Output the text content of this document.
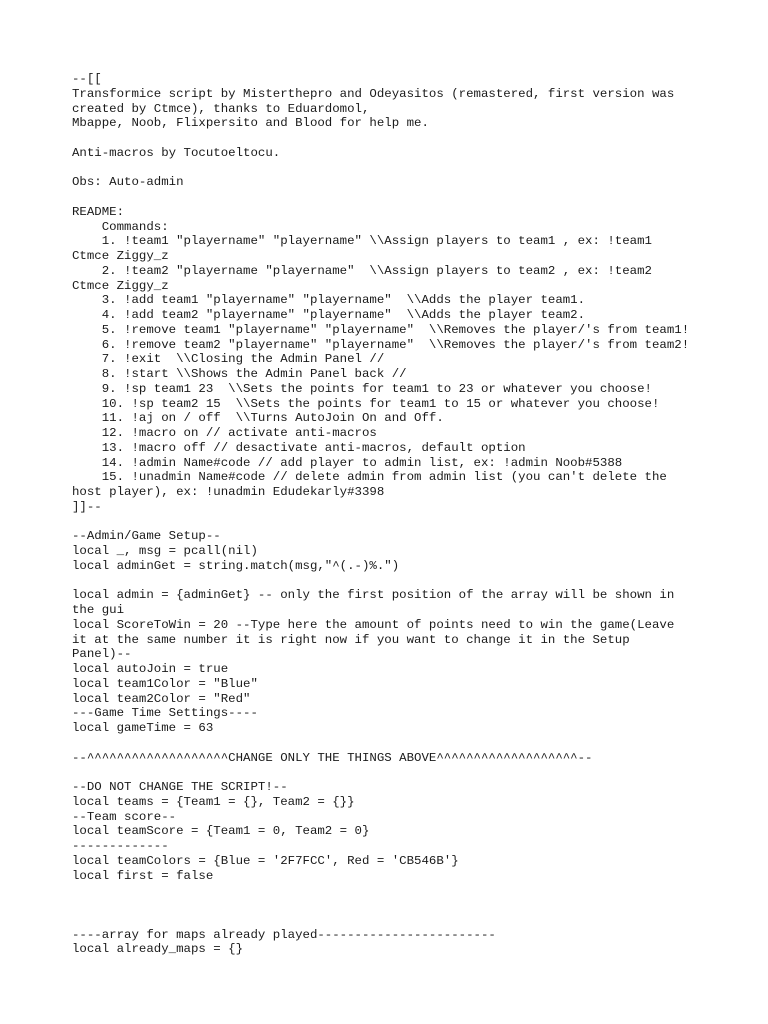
--[[
Transformice script by Misterthepro and Odeyasitos (remastered, first version was
created by Ctmce), thanks to Eduardomol,
Mbappe, Noob, Flixpersito and Blood for help me.
Anti-macros by Tocutoeltocu.
Obs: Auto-admin
README:
Commands:
1. !team1 "playername" "playername" \\Assign players to team1 , ex: !team1
Ctmce Ziggy_z
2. !team2 "playername "playername"  \\Assign players to team2 , ex: !team2
Ctmce Ziggy_z
3. !add team1 "playername" "playername"  \\Adds the player team1.
4. !add team2 "playername" "playername"  \\Adds the player team2.
5. !remove team1 "playername" "playername"  \\Removes the player/'s from team1!
6. !remove team2 "playername" "playername"  \\Removes the player/'s from team2!
7. !exit  \\Closing the Admin Panel //
8. !start \\Shows the Admin Panel back //
9. !sp team1 23  \\Sets the points for team1 to 23 or whatever you choose!
10. !sp team2 15  \\Sets the points for team1 to 15 or whatever you choose!
11. !aj on / off  \\Turns AutoJoin On and Off.
12. !macro on // activate anti-macros
13. !macro off // desactivate anti-macros, default option
14. !admin Name#code // add player to admin list, ex: !admin Noob#5388
15. !unadmin Name#code // delete admin from admin list (you can't delete the
host player), ex: !unadmin Edudekarly#3398
]]--
--Admin/Game Setup--
local _, msg = pcall(nil)
local adminGet = string.match(msg,"^(.-)%.")
local admin = {adminGet} -- only the first position of the array will be shown in
the gui
local ScoreToWin = 20 --Type here the amount of points need to win the game(Leave
it at the same number it is right now if you want to change it in the Setup
Panel)--
local autoJoin = true
local team1Color = "Blue"
local team2Color = "Red"
---Game Time Settings----
local gameTime = 63
--^^^^^^^^^^^^^^^^^^^CHANGE ONLY THE THINGS ABOVE^^^^^^^^^^^^^^^^^^^--
--DO NOT CHANGE THE SCRIPT!--
local teams = {Team1 = {}, Team2 = {}}
--Team score--
local teamScore = {Team1 = 0, Team2 = 0}
-------------
local teamColors = {Blue = '2F7FCC', Red = 'CB546B'}
local first = false
----array for maps already played------------------------
local already_maps = {}
